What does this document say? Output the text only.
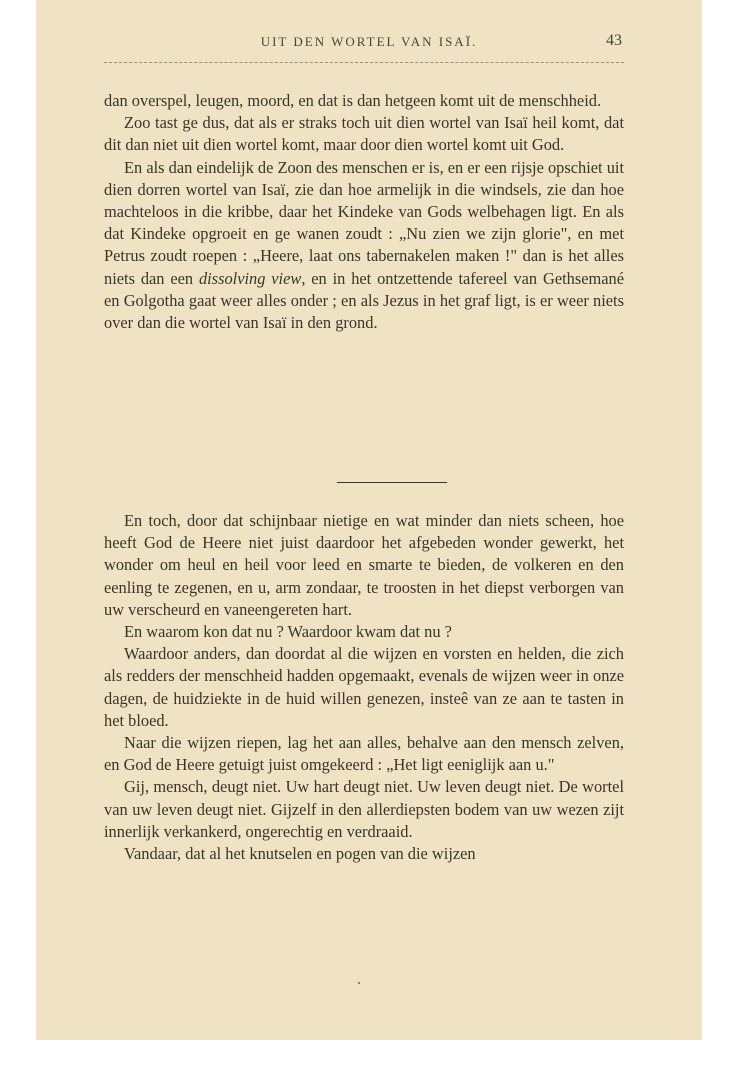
UIT DEN WORTEL VAN ISAÏ.	43

dan overspel, leugen, moord, en dat is dan hetgeen komt uit de menschheid.

Zoo tast ge dus, dat als er straks toch uit dien wortel van Isaï heil komt, dat dit dan niet uit dien wortel komt, maar door dien wortel komt uit God.

En als dan eindelijk de Zoon des menschen er is, en er een rijsje opschiet uit dien dorren wortel van Isaï, zie dan hoe armelijk in die windsels, zie dan hoe machteloos in die kribbe, daar het Kindeke van Gods welbehagen ligt. En als dat Kindeke opgroeit en ge wanen zoudt : „Nu zien we zijn glorie", en met Petrus zoudt roepen : „Heere, laat ons tabernakelen maken !" dan is het alles niets dan een dissolving view, en in het ontzettende tafereel van Gethsemané en Golgotha gaat weer alles onder ; en als Jezus in het graf ligt, is er weer niets over dan die wortel van Isaï in den grond.

En toch, door dat schijnbaar nietige en wat minder dan niets scheen, hoe heeft God de Heere niet juist daardoor het afgebeden wonder gewerkt, het wonder om heul en heil voor leed en smarte te bieden, de volkeren en den eenling te zegenen, en u, arm zondaar, te troosten in het diepst verborgen van uw verscheurd en vaneengereten hart.

En waarom kon dat nu ? Waardoor kwam dat nu ?

Waardoor anders, dan doordat al die wijzen en vorsten en helden, die zich als redders der menschheid hadden opgemaakt, evenals de wijzen weer in onze dagen, de huidziekte in de huid willen genezen, insteê van ze aan te tasten in het bloed.

Naar die wijzen riepen, lag het aan alles, behalve aan den mensch zelven, en God de Heere getuigt juist omgekeerd : „Het ligt eeniglijk aan u."

Gij, mensch, deugt niet. Uw hart deugt niet. Uw leven deugt niet. De wortel van uw leven deugt niet. Gijzelf in den allerdiepsten bodem van uw wezen zijt innerlijk verkankerd, ongerechtig en verdraaid.

Vandaar, dat al het knutselen en pogen van die wijzen
